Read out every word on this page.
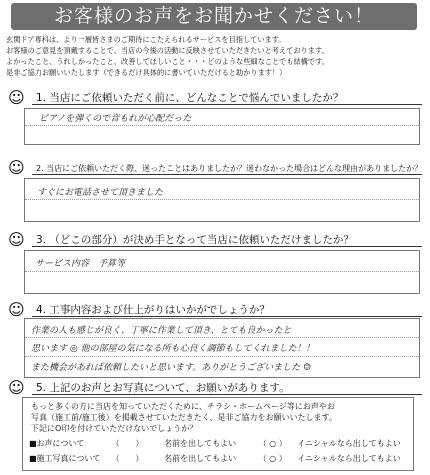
お客様のお声をお聞かせください！
玄関ドア専科は、より一層皆さまのご期待にこたえられるサービスを目指しています。
お客様のご意見を頂戴することで、当店の今後の活動に反映させていただきたいと考えております。
よかったこと、うれしかったこと、改善してほしいこと・・・どのような些細なことでも結構です。
是非ご協力お願いいたします（できるだけ具体的に書いていただけると助かります！）
☺ 1. 当店にご依頼いただく前に、どんなことで悩んでいましたか？
ピアノを弾くので音もれが心配だった
☺ 2. 当店にご依頼いただく際、迷ったことはありましたか？迷わなかった場合はどんな理由がありましたか？
すぐにお電話させて頂きました
☺ 3. （どこの部分）が決め手となって当店に依頼いただけましたか？
サービス内容　予算等
☺ 4. 工事内容および仕上がりはいかがでしょうか？
作業の人も感じが良く、丁寧に作業して頂き、とても良かったと
思います ◎ 他の部屋の気になる所も心良く調節もしてくれました！！
また機会があれば依頼したいと思います。ありがとうございました ☺
☺ 5. 上記のお声とお写真について、お願いがあります。
もっと多くの方に当店を知っていただくために、チラシ・ホームページ等にお声やお
写真（施工前/施工後）を掲載させていただきたく、是非ご協力をお願いいたします。
下記にO印を付けていただけないでしょうか？
■お声について	（　　）	名前を出してもよい	（ ○ ） イニシャルなら出してもよい
■施工写真について （　　）	名前を出してもよい	（ ○ ） イニシャルなら出してもよい
